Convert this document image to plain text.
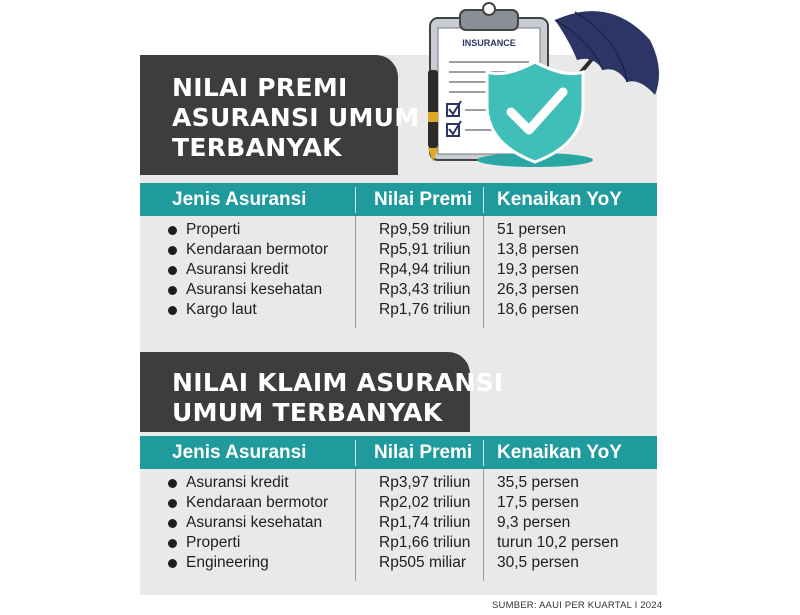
INSURANCE
NILAI PREMI
ASURANSI UMUM
TERBANYAK
Jenis Asuransi	Nilai Premi Kenaikan YoY
Properti	Rp9,59 triliun 51 persen
Kendaraan bermotor	Rp5,91 triliun 13,8 persen
Asuransi kredit	Rp4,94 triliun 19,3 persen
Asuransi kesehatan	Rp3,43 triliun 26,3 persen
Kargo laut	Rp1,76 triliun 18,6 persen
NILAI KLAIM ASURANSI
UMUM TERBANYAK
Jenis Asuransi	Nilai Premi Kenaikan YoY
Asuransi kredit	Rp3,97 triliun 35,5 persen
Kendaraan bermotor	Rp2,02 triliun 17,5 persen
Asuransi kesehatan	Rp1,74 triliun 9,3 persen
Properti	Rp1,66 triliun turun 10,2 persen
Engineering	Rp505 miliar 30,5 persen
SUMBER: AAUI PER KUARTAL I 2024
